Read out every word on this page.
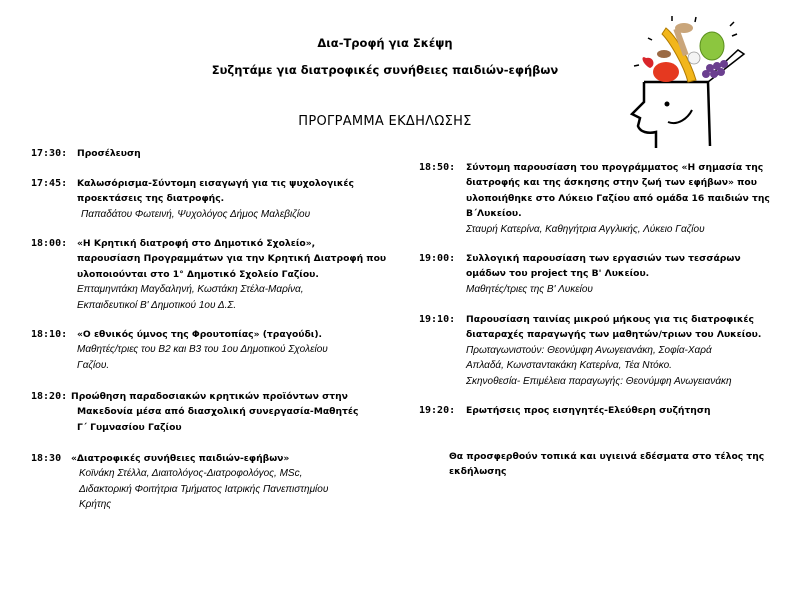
Δια-Τροφή για Σκέψη
Συζητάμε για διατροφικές συνήθειες παιδιών-εφήβων
ΠΡΟΓΡΑΜΜΑ ΕΚΔΗΛΩΣΗΣ
17:30: Προσέλευση
17:45: Καλωσόρισμα-Σύντομη εισαγωγή για τις ψυχολογικές
προεκτάσεις της διατροφής.
Παπαδάτου Φωτεινή, Ψυχολόγος Δήμος Μαλεβιζίου
18:00: «Η Κρητική διατροφή στο Δημοτικό Σχολείο»,
παρουσίαση Προγραμμάτων για την Κρητική Διατροφή που
υλοποιούνται στο 1° Δημοτικό Σχολείο Γαζίου.
Επταμηνιτάκη Μαγδαληνή, Κωστάκη Στέλα-Μαρίνα,
Εκπαιδευτικοί Β' Δημοτικού 1ου Δ.Σ.
18:10: «Ο εθνικός ύμνος της Φρουτοπίας» (τραγούδι).
Μαθητές/τριες του Β2 και Β3 του 1ου Δημοτικού Σχολείου
Γαζίου.
18:20: Προώθηση παραδοσιακών κρητικών προϊόντων στην
Μακεδονία μέσα από διασχολική συνεργασία-Μαθητές
Γ΄ Γυμνασίου Γαζίου
18:30 «Διατροφικές συνήθειες παιδιών-εφήβων»
Κοϊνάκη Στέλλα, Διαιτολόγος-Διατροφολόγος, MSc,
Διδακτορική Φοιτήτρια Τμήματος Ιατρικής Πανεπιστημίου
Κρήτης
18:50: Σύντομη παρουσίαση του προγράμματος «Η σημασία της
διατροφής και της άσκησης στην ζωή των εφήβων» που
υλοποιήθηκε στο Λύκειο Γαζίου από ομάδα 16 παιδιών της
Β΄Λυκείου.
Σταυρή Κατερίνα, Καθηγήτρια Αγγλικής, Λύκειο Γαζίου
19:00: Συλλογική παρουσίαση των εργασιών των τεσσάρων
ομάδων του project της Β' Λυκείου.
Μαθητές/τριες της Β' Λυκείου
19:10: Παρουσίαση ταινίας μικρού μήκους για τις διατροφικές
διαταραχές παραγωγής των μαθητών/τριων του Λυκείου.
Πρωταγωνιστούν: Θεονύμφη Ανωγειανάκη, Σοφία-Χαρά
Απλαδά, Κωνσταντακάκη Κατερίνα, Τέα Ντόκο.
Σκηνοθεσία- Επιμέλεια παραγωγής: Θεονύμφη Ανωγειανάκη
19:20: Ερωτήσεις προς εισηγητές-Ελεύθερη συζήτηση
Θα προσφερθούν τοπικά και υγιεινά εδέσματα στο τέλος της
εκδήλωσης
